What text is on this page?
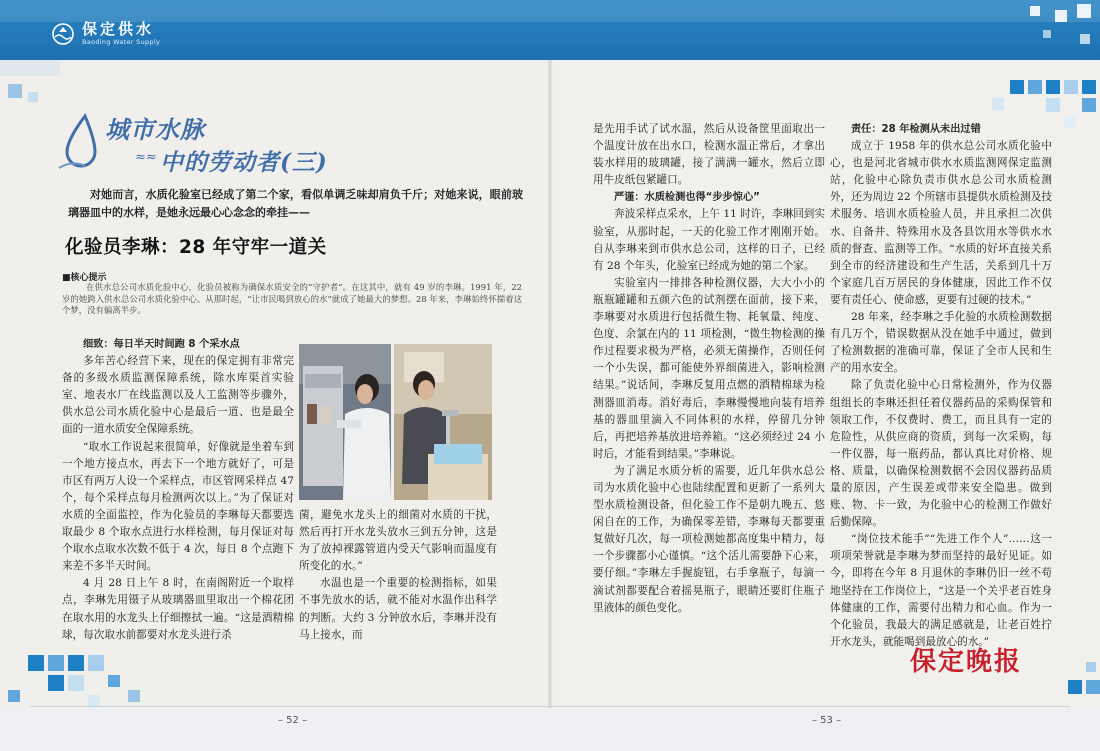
保定供水
Baoding Water Supply
– 52 –	– 53 –
城市水脉
≈≈ 中的劳动者(三)
对她而言，水质化验室已经成了第二个家，看似单调乏味却肩负千斤；对她来说，眼前玻璃器皿中的水样，是她永远最心心念念的牵挂——
化验员李琳：28 年守牢一道关
■核心提示
在供水总公司水质化验中心，化验员被称为确保水质安全的“守护者”。在这其中，就有 49 岁的李琳。1991 年，22 岁的她跨入供水总公司水质化验中心。从那时起，“让市民喝到放心的水”就成了她最大的梦想。28 年来，李琳始终怀揣着这个梦，没有偏离半步。
细致：每日半天时间跑 8 个采水点

多年苦心经营下来，现在的保定拥有非常完备的多级水质监测保障系统，除水库渠首实验室、地表水厂在线监测以及人工监测等步骤外，供水总公司水质化验中心是最后一道、也是最全面的一道水质安全保障系统。

“取水工作说起来很简单，好像就是坐着车到一个地方接点水，再去下一个地方就好了，可是市区有两万人设一个采样点，市区管网采样点 47 个，每个采样点每月检测两次以上。”为了保证对水质的全面监控，作为化验员的李琳每天都要选取最少 8 个取水点进行水样检测，每月保证对每个取水点取水次数不低于 4 次，每日 8 个点跑下来差不多半天时间。

4 月 28 日上午 8 时，在南阁附近一个取样点，李琳先用镊子从玻璃器皿里取出一个棉花团在取水用的水龙头上仔细擦拭一遍。“这是酒精棉球，每次取水前都要对水龙头进行杀

菌，避免水龙头上的细菌对水质的干扰，然后再打开水龙头放水三到五分钟，这是为了放掉裸露管道内受天气影响而温度有所变化的水。”

水温也是一个重要的检测指标，如果不事先放水的话，就不能对水温作出科学的判断。大约 3 分钟放水后，李琳并没有马上接水，而

是先用手试了试水温，然后从设备筐里面取出一个温度计放在出水口，检测水温正常后，才拿出装水样用的玻璃罐，接了满满一罐水，然后立即用牛皮纸包紧罐口。

严谨：水质检测也得“步步惊心”

奔波采样点采水，上午 11 时许，李琳回到实验室，从那时起，一天的化验工作才刚刚开始。自从李琳来到市供水总公司，这样的日子，已经有 28 个年头，化验室已经成为她的第二个家。

实验室内一排排各种检测仪器，大大小小的瓶瓶罐罐和五颜六色的试剂摆在面前，接下来，李琳要对水质进行包括微生物、耗氧量、纯度、色度、余氯在内的 11 项检测，“微生物检测的操作过程要求极为严格，必须无菌操作，否则任何一个小失误，都可能使外界细菌进入，影响检测结果。”说话间，李琳反复用点燃的酒精棉球为检测器皿消毒。消好毒后，李琳慢慢地向装有培养基的器皿里滴入不同体积的水样，停留几分钟后，再把培养基放进培养箱。“这必须经过 24 小时后，才能看到结果。”李琳说。

为了满足水质分析的需要，近几年供水总公司为水质化验中心也陆续配置和更新了一系列大型水质检测设备，但化验工作不是朝九晚五、悠闲自在的工作，为确保零差错，李琳每天都要重复做好几次，每一项检测她都高度集中精力，每一个步骤都小心谨慎。“这个活儿需要静下心来，要仔细。”李琳左手握旋钮，右手拿瓶子，每滴一滴试剂都要配合着摇晃瓶子，眼睛还要盯住瓶子里液体的颜色变化。

责任：28 年检测从未出过错

成立于 1958 年的供水总公司水质化验中心，也是河北省城市供水水质监测网保定监测站，化验中心除负责市供水总公司水质检测外，还为周边 22 个所辖市县提供水质检测及技术服务、培训水质检验人员，并且承担二次供水、自备井、特殊用水及各县饮用水等供水水质的督查、监测等工作。“水质的好坏直接关系到全市的经济建设和生产生活，关系到几十万个家庭几百万居民的身体健康，因此工作不仅要有责任心、使命感，更要有过硬的技术。”

28 年来，经李琳之手化验的水质检测数据有几万个，错误数据从没在她手中通过，做到了检测数据的准确可靠，保证了全市人民和生产的用水安全。

除了负责化验中心日常检测外，作为仪器组组长的李琳还担任着仪器药品的采购保管和领取工作，不仅费时、费工，而且具有一定的危险性，从供应商的资质，到每一次采购，每一件仪器，每一瓶药品，都认真比对价格、规格、质量，以确保检测数据不会因仪器药品质量的原因，产生误差或带来安全隐患。做到账、物、卡一致，为化验中心的检测工作做好后勤保障。

“岗位技术能手”“先进工作个人”……这一项项荣誉就是李琳为梦而坚持的最好见证。如今，即将在今年 8 月退休的李琳仍旧一丝不苟地坚持在工作岗位上，“这是一个关乎老百姓身体健康的工作，需要付出精力和心血。作为一个化验员，我最大的满足感就是，让老百姓拧开水龙头，就能喝到最放心的水。”

保定晚报
